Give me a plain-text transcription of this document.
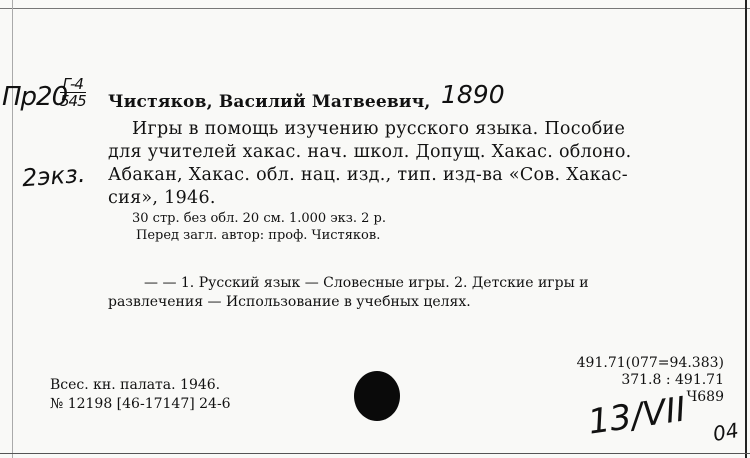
Пр20
Г-4
545
2экз.
1890
Чистяков, Василий Матвеевич,
Игры в помощь изучению русского языка. Пособие
для учителей хакас. нач. школ. Допущ. Хакас. облоно.
Абакан, Хакас. обл. нац. изд., тип. изд-ва «Сов. Хакас-
сия», 1946.
30 стр. без обл. 20 см. 1.000 экз. 2 р.
Перед загл. автор: проф. Чистяков.
— — 1. Русский язык — Словесные игры. 2. Детские игры и
развлечения — Использование в учебных целях.
Всес. кн. палата. 1946.
№ 12198 [46-17147] 24-6
491.71(077=94.383)
371.8 : 491.71
Ч689
13/VII 04
